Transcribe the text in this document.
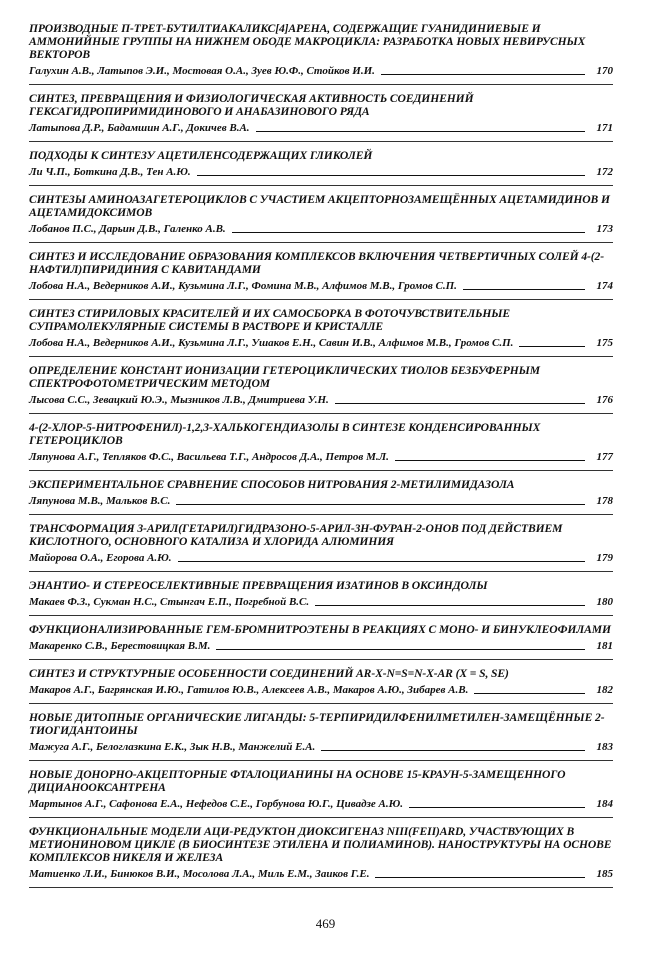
ПРОИЗВОДНЫЕ П-ТРЕТ-БУТИЛТИАКАЛИКС[4]АРЕНА, СОДЕРЖАЩИЕ ГУАНИДИНИЕВЫЕ И АММОНИЙНЫЕ ГРУППЫ НА НИЖНЕМ ОБОДЕ МАКРОЦИКЛА: РАЗРАБОТКА НОВЫХ НЕВИРУСНЫХ ВЕКТОРОВ

Галухин А.В., Латыпов Э.И., Мостовая О.А., Зуев Ю.Ф., Стойков И.И.	170

СИНТЕЗ, ПРЕВРАЩЕНИЯ И ФИЗИОЛОГИЧЕСКАЯ АКТИВНОСТЬ СОЕДИНЕНИЙ ГЕКСАГИДРОПИРИМИДИНОВОГО И АНАБАЗИНОВОГО РЯДА

Латыпова Д.Р., Бадамшин А.Г., Докичев В.А.	171

ПОДХОДЫ К СИНТЕЗУ АЦЕТИЛЕНСОДЕРЖАЩИХ ГЛИКОЛЕЙ

Ли Ч.П., Боткина Д.В., Тен А.Ю.	172

СИНТЕЗЫ АМИНОАЗАГЕТЕРОЦИКЛОВ С УЧАСТИЕМ АКЦЕПТОРНОЗАМЕЩЁННЫХ АЦЕТАМИДИНОВ И АЦЕТАМИДОКСИМОВ

Лобанов П.С., Дарьин Д.В., Галенко А.В.	173

СИНТЕЗ И ИССЛЕДОВАНИЕ ОБРАЗОВАНИЯ КОМПЛЕКСОВ ВКЛЮЧЕНИЯ ЧЕТВЕРТИЧНЫХ СОЛЕЙ 4-(2-НАФТИЛ)ПИРИДИНИЯ С КАВИТАНДАМИ

Лобова Н.А., Ведерников А.И., Кузьмина Л.Г., Фомина М.В., Алфимов М.В., Громов С.П.	174

СИНТЕЗ СТИРИЛОВЫХ КРАСИТЕЛЕЙ И ИХ САМОСБОРКА В ФОТОЧУВСТВИТЕЛЬНЫЕ СУПРАМОЛЕКУЛЯРНЫЕ СИСТЕМЫ В РАСТВОРЕ И КРИСТАЛЛЕ

Лобова Н.А., Ведерников А.И., Кузьмина Л.Г., Ушаков Е.Н., Савин И.В., Алфимов М.В., Громов С.П.	175

ОПРЕДЕЛЕНИЕ КОНСТАНТ ИОНИЗАЦИИ ГЕТЕРОЦИКЛИЧЕСКИХ ТИОЛОВ БЕЗБУФЕРНЫМ СПЕКТРОФОТОМЕТРИЧЕСКИМ МЕТОДОМ

Лысова С.С., Зевацкий Ю.Э., Мызников Л.В., Дмитриева У.Н.	176

4-(2-ХЛОР-5-НИТРОФЕНИЛ)-1,2,3-ХАЛЬКОГЕНДИАЗОЛЫ В СИНТЕЗЕ КОНДЕНСИРОВАННЫХ ГЕТЕРОЦИКЛОВ

Ляпунова А.Г., Тепляков Ф.С., Васильева Т.Г., Андросов Д.А., Петров М.Л.	177

ЭКСПЕРИМЕНТАЛЬНОЕ СРАВНЕНИЕ СПОСОБОВ НИТРОВАНИЯ 2-МЕТИЛИМИДАЗОЛА

Ляпунова М.В., Мальков В.С.	178

ТРАНСФОРМАЦИЯ 3-АРИЛ(ГЕТАРИЛ)ГИДРАЗОНО-5-АРИЛ-3Н-ФУРАН-2-ОНОВ ПОД ДЕЙСТВИЕМ КИСЛОТНОГО, ОСНОВНОГО КАТАЛИЗА И ХЛОРИДА АЛЮМИНИЯ

Майорова О.А., Егорова А.Ю.	179

ЭНАНТИО- И СТЕРЕОСЕЛЕКТИВНЫЕ ПРЕВРАЩЕНИЯ ИЗАТИНОВ В ОКСИНДОЛЫ

Макаев Ф.З., Сукман Н.С., Стынгач Е.П., Погребной В.С.	180

ФУНКЦИОНАЛИЗИРОВАННЫЕ ГЕМ-БРОМНИТРОЭТЕНЫ В РЕАКЦИЯХ С МОНО- И БИНУКЛЕОФИЛАМИ

Макаренко С.В., Берестовицкая В.М.	181

СИНТЕЗ И СТРУКТУРНЫЕ ОСОБЕННОСТИ СОЕДИНЕНИЙ AR-X-N=S=N-X-AR (X = S, SE)

Макаров А.Г., Багрянская И.Ю., Гатилов Ю.В., Алексеев А.В., Макаров А.Ю., Зибарев А.В.	182

НОВЫЕ ДИТОПНЫЕ ОРГАНИЧЕСКИЕ ЛИГАНДЫ: 5-ТЕРПИРИДИЛФЕНИЛМЕТИЛЕН-ЗАМЕЩЁННЫЕ 2-ТИОГИДАНТОИНЫ

Мажуга А.Г., Белоглазкина Е.К., Зык Н.В., Манжелий Е.А.	183

НОВЫЕ ДОНОРНО-АКЦЕПТОРНЫЕ ФТАЛОЦИАНИНЫ НА ОСНОВЕ 15-КРАУН-5-ЗАМЕЩЕННОГО ДИЦИАНООКСАНТРЕНА

Мартынов А.Г., Сафонова Е.А., Нефедов С.Е., Горбунова Ю.Г., Цивадзе А.Ю.	184

ФУНКЦИОНАЛЬНЫЕ МОДЕЛИ АЦИ-РЕДУКТОН ДИОКСИГЕНАЗ NIII(FEII)ARD, УЧАСТВУЮЩИХ В МЕТИОНИНОВОМ ЦИКЛЕ (В БИОСИНТЕЗЕ ЭТИЛЕНА И ПОЛИАМИНОВ). НАНОСТРУКТУРЫ НА ОСНОВЕ КОМПЛЕКСОВ НИКЕЛЯ И ЖЕЛЕЗА

Матиенко Л.И., Бинюков В.И., Мосолова Л.А., Миль Е.М., Заиков Г.Е.	185
469
